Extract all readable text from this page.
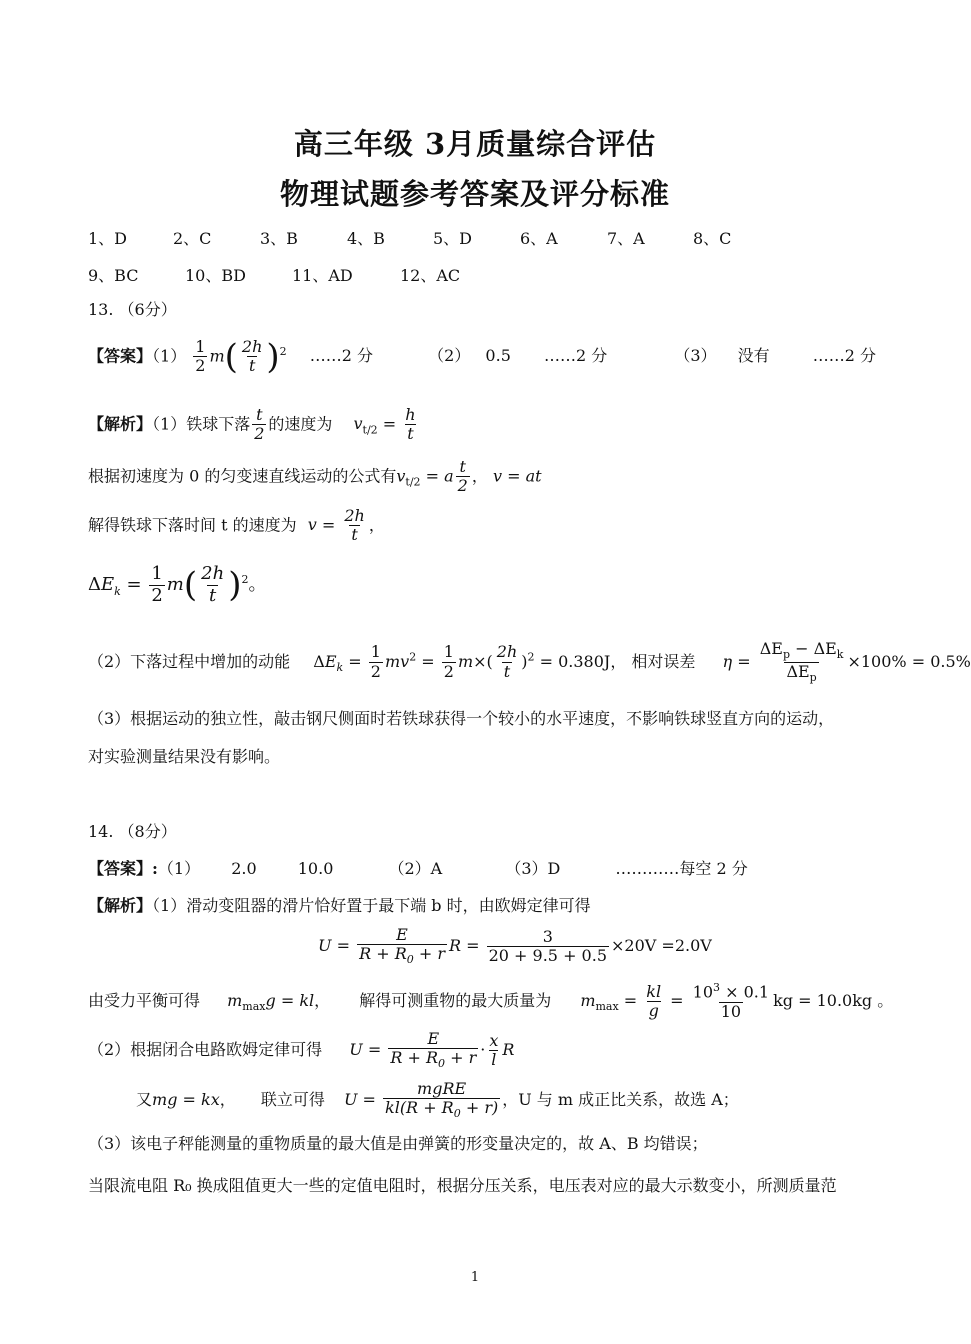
高三年级 3月质量综合评估
物理试题参考答案及评分标准
1、D	2、C	3、B	4、B	5、D	6、A	7、A	8、C
9、BC	10、BD	11、AD	12、AC
13. （6分）
【答案】$(1) \frac{1}{2} m( \frac{2h}{t} )^2$ ……2 分	（2） 0.5 ……2 分	（3） 没有	……2 分
【解析】（1）铁球下落 $\frac{t}{2}$ 的速度为 $v_{t/2} = \frac{h}{t}$
根据初速度为 0 的匀变速直线运动的公式有$v_{t/2} = a \frac{t}{2}$ ， v = at
解得铁球下落时间 t 的速度为 $v = \frac{2h}{t}$ ，
$\Delta E_k = \frac{1}{2} m( \frac{2h}{t} )^2$。
（2）下落过程中增加的动能 $\Delta E_k = \frac{1}{2} mv^2 = \frac{1}{2} m\times( \frac{2h}{t} )^2 = 0.380J$， 相对误差 $\eta = \frac{\Delta E_p - \Delta E_k}{\Delta E_p} \times 100\% = 0.5\%$
（3）根据运动的独立性，敲击钢尺侧面时若铁球获得一个较小的水平速度，不影响铁球竖直方向的运动，
对实验测量结果没有影响。
14. （8分）
【答案】:（1） 2.0	10.0	（2）A	（3）D	…………每空 2 分
【解析】（1）滑动变阻器的滑片恰好置于最下端 b 时，由欧姆定律可得
$U = \frac{E}{R + R_0 + r}$ $R = \frac{3}{20 + 9.5 + 0.5} \times 20V =2.0V$
由受力平衡可得 $m_{max}g$ = kl， 解得可测重物的最大质量为 $m_{max} = \frac{kl}{g} = \frac{10^3 \times 0.1}{10}$ kg = 10.0kg 。
（2）根据闭合电路欧姆定律可得 $U = \frac{E}{R + R_0 + r} \cdot \frac{x}{l}$ R
又mg = kx， 联立可得 $U = \frac{\text{mgRE}}{kl(R + R_0 + r)}$ ，U 与 m 成正比关系，故选 A；
（3）该电子秤能测量的重物质量的最大值是由弹簧的形变量决定的，故 A、B 均错误；
当限流电阻 R₀ 换成阻值更大一些的定值电阻时，根据分压关系，电压表对应的最大示数变小，所测质量范
1
